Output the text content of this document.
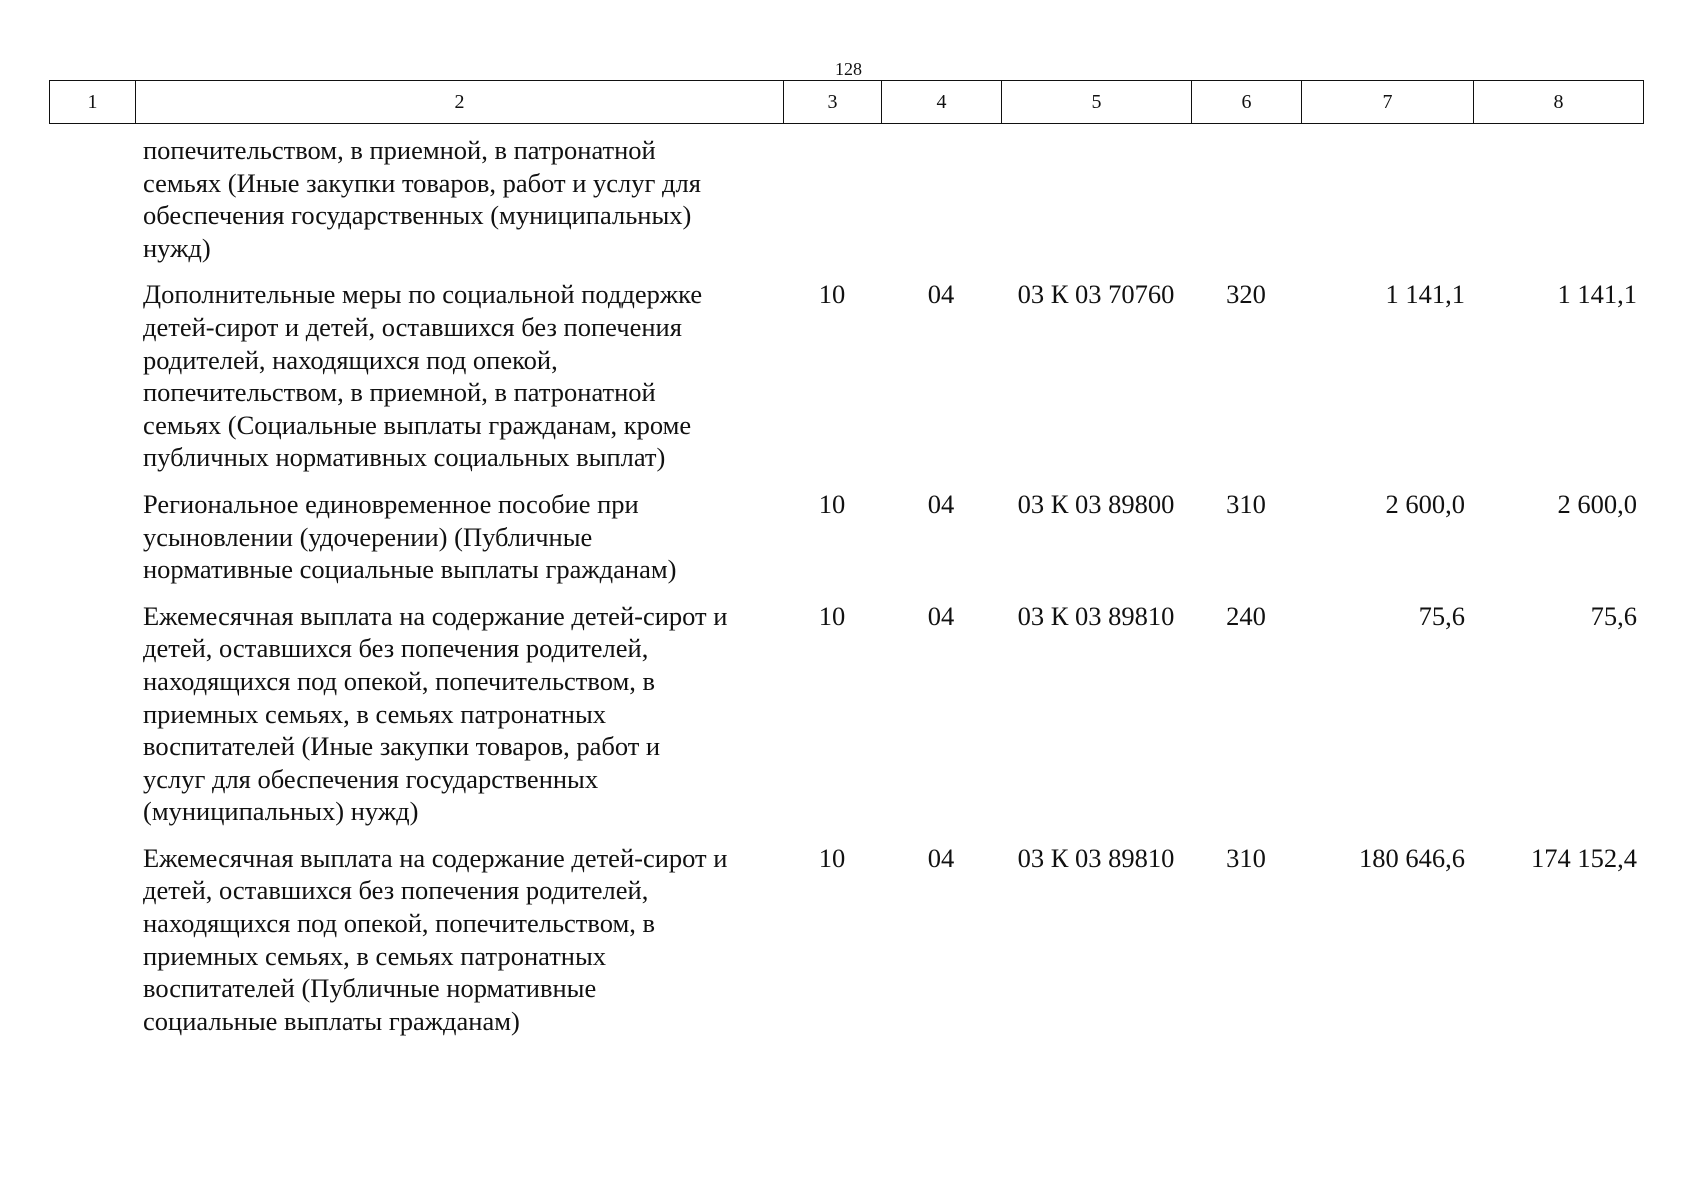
128
1	2	3	4	5	6	7	8
попечительством, в приемной, в патронатной
семьях (Иные закупки товаров, работ и услуг для
обеспечения государственных (муниципальных)
нужд)
Дополнительные меры по социальной поддержке
детей-сирот и детей, оставшихся без попечения
родителей, находящихся под опекой,
попечительством, в приемной, в патронатной
семьях (Социальные выплаты гражданам, кроме
публичных нормативных социальных выплат)
10	04	03 К 03 70760	320	1 141,1	1 141,1
Региональное единовременное пособие при
усыновлении (удочерении) (Публичные
нормативные социальные выплаты гражданам)
10	04	03 К 03 89800	310	2 600,0	2 600,0
Ежемесячная выплата на содержание детей-сирот и
детей, оставшихся без попечения родителей,
находящихся под опекой, попечительством, в
приемных семьях, в семьях патронатных
воспитателей (Иные закупки товаров, работ и
услуг для обеспечения государственных
(муниципальных) нужд)
10	04	03 К 03 89810	240	75,6	75,6
Ежемесячная выплата на содержание детей-сирот и
детей, оставшихся без попечения родителей,
находящихся под опекой, попечительством, в
приемных семьях, в семьях патронатных
воспитателей (Публичные нормативные
социальные выплаты гражданам)
10	04	03 К 03 89810	310	180 646,6	174 152,4
